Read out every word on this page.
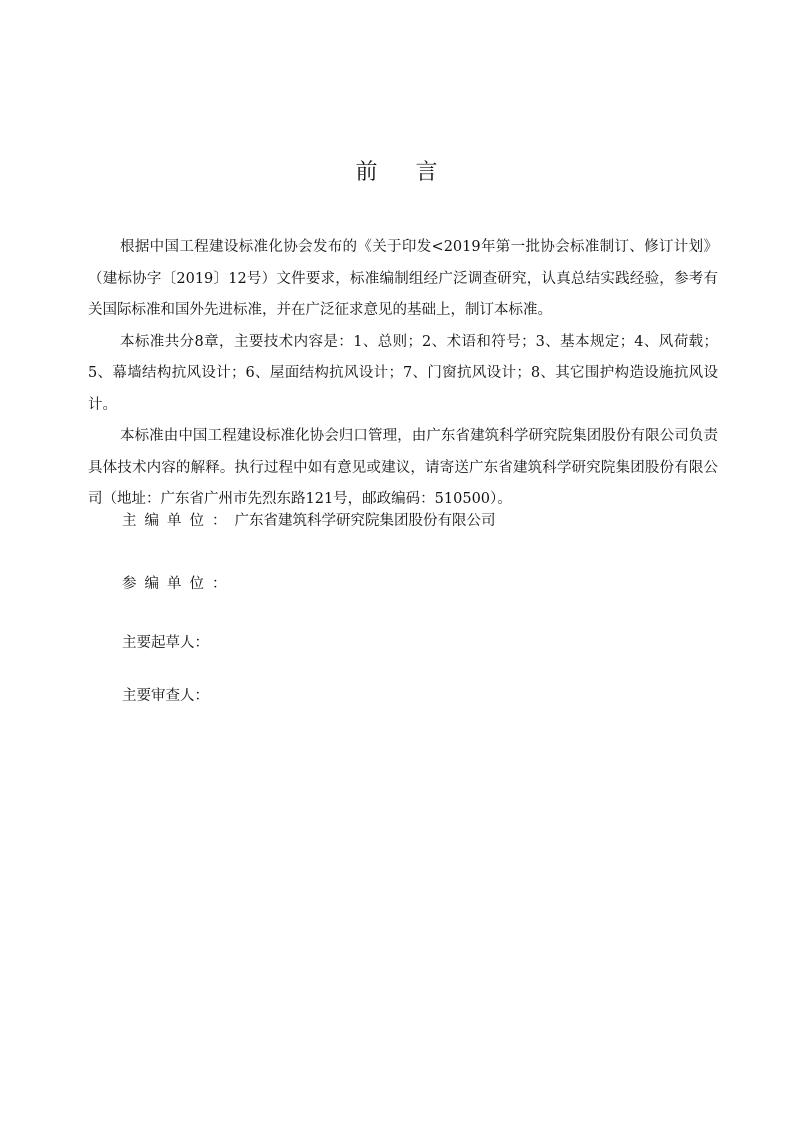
前言

根据中国工程建设标准化协会发布的《关于印发<2019年第一批协会标准制订、修订计划》（建标协字〔2019〕12号）文件要求，标准编制组经广泛调查研究，认真总结实践经验，参考有关国际标准和国外先进标准，并在广泛征求意见的基础上，制订本标准。

本标准共分8章，主要技术内容是：1、总则；2、术语和符号；3、基本规定；4、风荷载；5、幕墙结构抗风设计；6、屋面结构抗风设计；7、门窗抗风设计；8、其它围护构造设施抗风设计。

本标准由中国工程建设标准化协会归口管理，由广东省建筑科学研究院集团股份有限公司负责具体技术内容的解释。执行过程中如有意见或建议，请寄送广东省建筑科学研究院集团股份有限公司（地址：广东省广州市先烈东路121号，邮政编码：510500）。

主编单位：广东省建筑科学研究院集团股份有限公司
参编单位：
主要起草人：
主要审查人：
